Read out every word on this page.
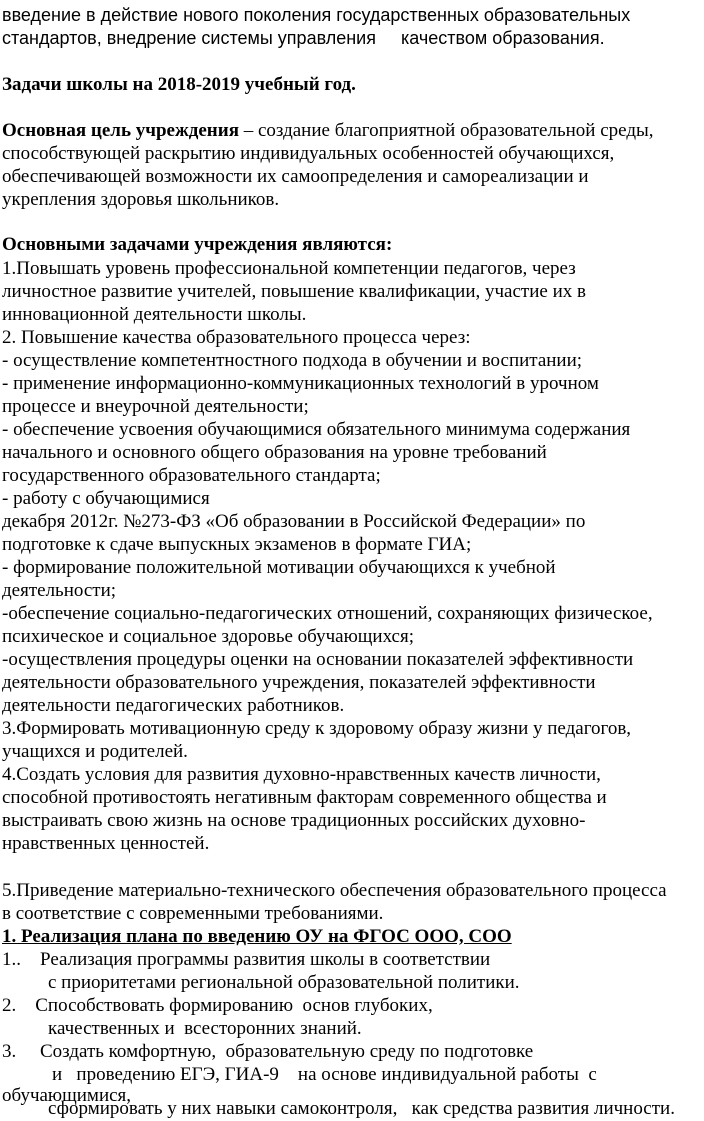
введение в действие нового поколения государственных образовательных
стандартов, внедрение системы управления     качеством образования.
Задачи школы на 2018-2019 учебный год.
Основная цель учреждения – создание благоприятной образовательной среды,
способствующей раскрытию индивидуальных особенностей обучающихся,
обеспечивающей возможности их самоопределения и самореализации и
укрепления здоровья школьников.
Основными задачами учреждения являются:
1.Повышать уровень профессиональной компетенции педагогов, через
личностное развитие учителей, повышение квалификации, участие их в
инновационной деятельности школы.
2. Повышение качества образовательного процесса через:
- осуществление компетентностного подхода в обучении и воспитании;
- применение информационно-коммуникационных технологий в урочном
процессе и внеурочной деятельности;
- обеспечение усвоения обучающимися обязательного минимума содержания
начального и основного общего образования на уровне требований
государственного образовательного стандарта;
- работу с обучающимися
декабря 2012г. №273-ФЗ «Об образовании в Российской Федерации» по
подготовке к сдаче выпускных экзаменов в формате ГИА;
- формирование положительной мотивации обучающихся к учебной
деятельности;
-обеспечение социально-педагогических отношений, сохраняющих физическое,
психическое и социальное здоровье обучающихся;
-осуществления процедуры оценки на основании показателей эффективности
деятельности образовательного учреждения, показателей эффективности
деятельности педагогических работников.
3.Формировать мотивационную среду к здоровому образу жизни у педагогов,
учащихся и родителей.
4.Создать условия для развития духовно-нравственных качеств личности,
способной противостоять негативным факторам современного общества и
выстраивать свою жизнь на основе традиционных российских духовно-
нравственных ценностей.
5.Приведение материально-технического обеспечения образовательного процесса
в соответствие с современными требованиями.
1. Реализация плана по введению ОУ на ФГОС ООО, СОО
1..    Реализация программы развития школы в соответствии
с приоритетами региональной образовательной политики.
2.    Способствовать формированию  основ глубоких,
качественных и  всесторонних знаний.
3.     Создать комфортную,  образовательную среду по подготовке
и   проведению ЕГЭ, ГИА-9    на основе индивидуальной работы  с
обучающимися,
сформировать у них навыки самоконтроля,   как средства развития личности.
